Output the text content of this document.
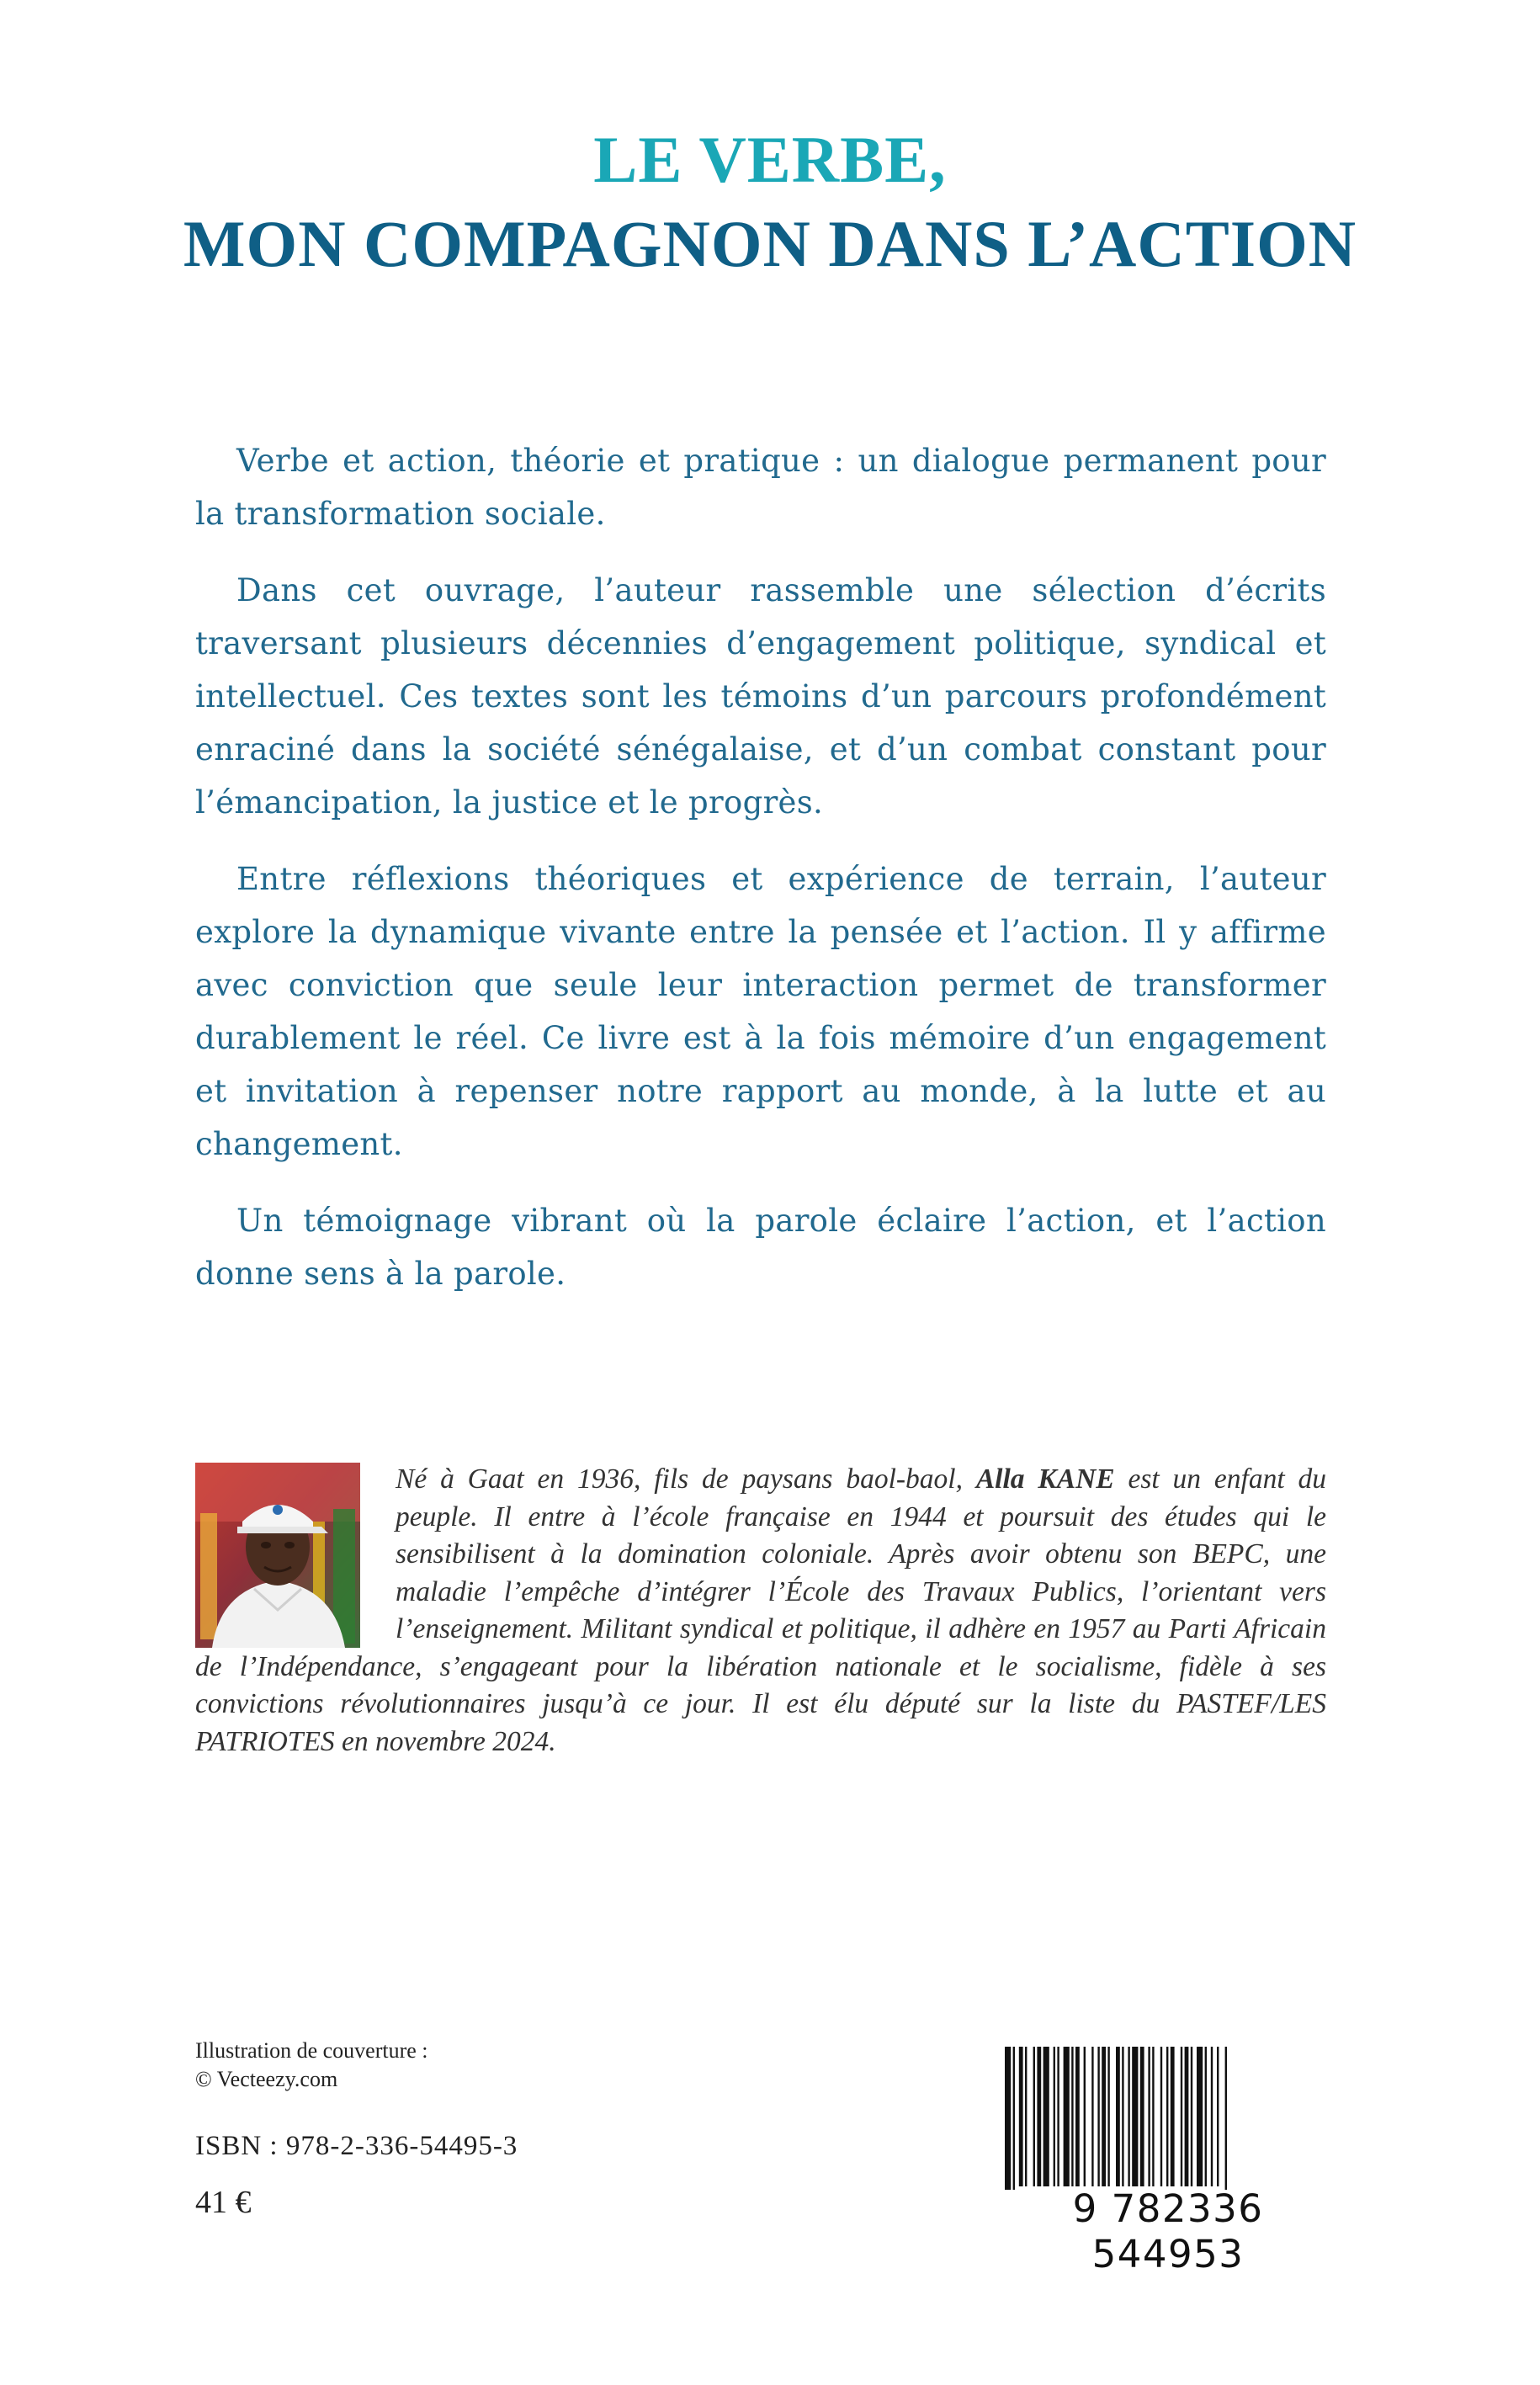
LE VERBE,
MON COMPAGNON DANS L’ACTION

Verbe et action, théorie et pratique : un dialogue permanent pour la transformation sociale.

Dans cet ouvrage, l’auteur rassemble une sélection d’écrits traversant plusieurs décennies d’engagement politique, syndical et intellectuel. Ces textes sont les témoins d’un parcours profondément enraciné dans la société sénégalaise, et d’un combat constant pour l’émancipation, la justice et le progrès.

Entre réflexions théoriques et expérience de terrain, l’auteur explore la dynamique vivante entre la pensée et l’action. Il y affirme avec conviction que seule leur interaction permet de transformer durablement le réel. Ce livre est à la fois mémoire d’un engagement et invitation à repenser notre rapport au monde, à la lutte et au changement.

Un témoignage vibrant où la parole éclaire l’action, et l’action donne sens à la parole.

Né à Gaat en 1936, fils de paysans baol-baol, Alla KANE est un enfant du peuple. Il entre à l’école française en 1944 et poursuit des études qui le sensibilisent à la domination coloniale. Après avoir obtenu son BEPC, une maladie l’empêche d’intégrer l’École des Travaux Publics, l’orientant vers l’enseignement. Militant syndical et politique, il adhère en 1957 au Parti Africain de l’Indépendance, s’engageant pour la libération nationale et le socialisme, fidèle à ses convictions révolutionnaires jusqu’à ce jour. Il est élu député sur la liste du PASTEF/LES PATRIOTES en novembre 2024.
Illustration de couverture :
© Vecteezy.com
ISBN : 978-2-336-54495-3
41 €	9 782336 544953
